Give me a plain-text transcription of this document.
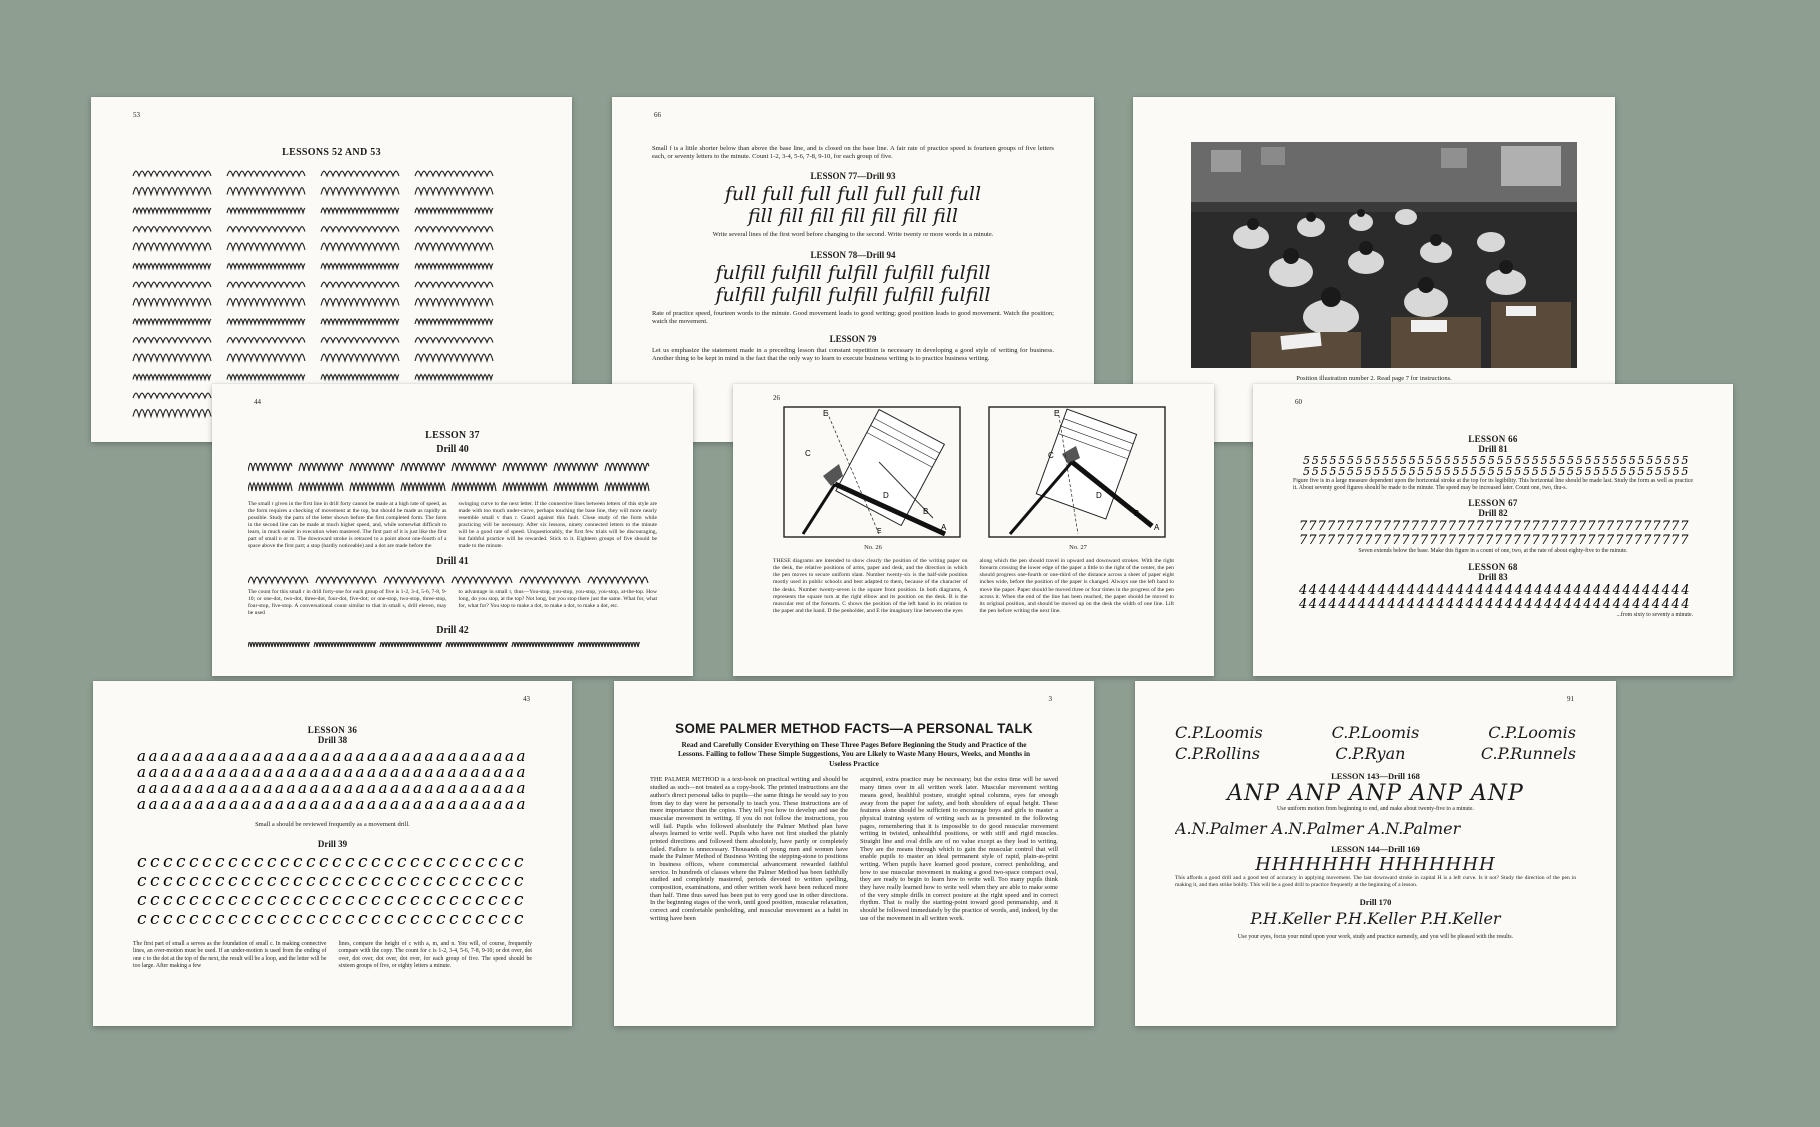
53
LESSONS 52 AND 53
66
Small f is a little shorter below than above the base line, and is closed on the base line. A fair rate of practice speed is fourteen groups of five letters each, or seventy letters to the minute. Count 1-2, 3-4, 5-6, 7-8, 9-10, for each group of five.
LESSON 77—Drill 93
full full full full full full full
fill fill fill fill fill fill fill
Write several lines of the first word before changing to the second. Write twenty or more words in a minute.
LESSON 78—Drill 94
fulfill fulfill fulfill fulfill fulfill
fulfill fulfill fulfill fulfill fulfill
Rate of practice speed, fourteen words to the minute. Good movement leads to good writing; good position leads to good movement. Watch the position; watch the movement.
LESSON 79
Let us emphasize the statement made in a preceding lesson that constant repetition is necessary in developing a good style of writing for business. Another thing to be kept in mind is the fact that the only way to learn to execute business writing is to practice business writing.
Position illustration number 2. Read page 7 for instructions.
44
LESSON 37
Drill 40
The small r given in the first line in drill forty cannot be made at a high rate of speed, as the form requires a checking of movement at the top, but should be made as rapidly as possible. Study the parts of the letter shown before the first completed form. The form in the second line can be made at much higher speed, and, while somewhat difficult to learn, in much easier in execution when mastered. The first part of it is just like the first part of small n or m. The downward stroke is retraced to a point about one-fourth of a space above the first part; a stop (hardly noticeable) and a dot are made before the
swinging curve to the next letter. If the connective lines between letters of this style are made with too much under-curve, perhaps touching the base line, they will more nearly resemble small v than r. Guard against this fault. Close study of the form while practicing will be necessary. After six lessons, ninety connected letters to the minute will be a good rate of speed. Unquestionably, the first few trials will be discouraging, but faithful practice will be rewarded. Stick to it. Eighteen groups of five should be made to the minute.
Drill 41
The count for this small r in drill forty-one for each group of five is 1-2, 3-4, 5-6, 7-8, 9-10; or one-dot, two-dot, three-dot, four-dot, five-dot; or one-stop, two-stop, three-stop, four-stop, five-stop. A conversational count similar to that in small s, drill eleven, may be used
to advantage in small r, thus—You-stop, you-stop, you-stop, you-stop, at-the-top. How long, do you stop, at the top? Not long, but you stop there just the same. What for, what for, what for? You stop to make a dot, to make a dot, to make a dot, etc.
Drill 42
26
E
C
D
B
A
E
No. 26
E
C
D
B
A
No. 27
THESE diagrams are intended to show clearly the position of the writing paper on the desk, the relative positions of arms, paper and desk, and the direction in which the pen moves to secure uniform slant. Number twenty-six is the half-side position mostly used in public schools and best adapted to them, because of the character of the desks. Number twenty-seven is the square front position. In both diagrams, A represents the square turn at the right elbow and its position on the desk. B is the muscular rest of the forearm. C shows the position of the left hand in its relation to the paper and the hand. D the penholder, and E the imaginary line between the eyes
along which the pen should travel in upward and downward strokes. With the right forearm crossing the lower edge of the paper a little to the right of the center, the pen should progress one-fourth or one-third of the distance across a sheet of paper eight inches wide, before the position of the paper is changed. Always use the left hand to move the paper. Paper should be moved three or four times in the progress of the pen across it. When the end of the line has been reached, the paper should be moved to its original position, and should be moved up on the desk the width of one line. Lift the pen before writing the next line.
60
LESSON 66
Drill 81
5 5 5 5 5 5 5 5 5 5 5 5 5 5 5 5 5 5 5 5 5 5 5 5 5 5 5 5 5 5 5 5 5 5 5 5 5 5 5 5 5 5 5 5
5 5 5 5 5 5 5 5 5 5 5 5 5 5 5 5 5 5 5 5 5 5 5 5 5 5 5 5 5 5 5 5 5 5 5 5 5 5 5 5 5 5 5 5
Figure five is in a large measure dependent upon the horizontal stroke at the top for its legibility. This horizontal line should be made last. Study the form as well as practice it. About seventy good figures should be made to the minute. The speed may be increased later. Count one, two, thu-s.
LESSON 67
Drill 82
7 7 7 7 7 7 7 7 7 7 7 7 7 7 7 7 7 7 7 7 7 7 7 7 7 7 7 7 7 7 7 7 7 7 7 7 7 7 7 7 7 7
7 7 7 7 7 7 7 7 7 7 7 7 7 7 7 7 7 7 7 7 7 7 7 7 7 7 7 7 7 7 7 7 7 7 7 7 7 7 7 7 7 7
Seven extends below the base. Make this figure in a count of one, two, at the rate of about eighty-five to the minute.
LESSON 68
Drill 83
4 4 4 4 4 4 4 4 4 4 4 4 4 4 4 4 4 4 4 4 4 4 4 4 4 4 4 4 4 4 4 4 4 4 4 4 4 4 4 4
4 4 4 4 4 4 4 4 4 4 4 4 4 4 4 4 4 4 4 4 4 4 4 4 4 4 4 4 4 4 4 4 4 4 4 4 4 4 4 4
...from sixty to seventy a minute.
43
LESSON 36
Drill 38
a a a a a a a a a a a a a a a a a a a a a a a a a a a a a a a a a a
a a a a a a a a a a a a a a a a a a a a a a a a a a a a a a a a a a
a a a a a a a a a a a a a a a a a a a a a a a a a a a a a a a a a a
a a a a a a a a a a a a a a a a a a a a a a a a a a a a a a a a a a
Small a should be reviewed frequently as a movement drill.
Drill 39
c c c c c c c c c c c c c c c c c c c c c c c c c c c c c c
c c c c c c c c c c c c c c c c c c c c c c c c c c c c c c
c c c c c c c c c c c c c c c c c c c c c c c c c c c c c c
c c c c c c c c c c c c c c c c c c c c c c c c c c c c c c
The first part of small a serves as the foundation of small c. In making connective lines, an over-motion must be used. If an under-motion is used from the ending of one c to the dot at the top of the next, the result will be a loop, and the letter will be too large. After making a few
lines, compare the height of c with a, m, and n. You will, of course, frequently compare with the copy. The count for c is 1-2, 3-4, 5-6, 7-8, 9-10; or dot over, dot over, dot over, dot over, dot over, for each group of five. The speed should be sixteen groups of five, or eighty letters a minute.
3
SOME PALMER METHOD FACTS—A PERSONAL TALK
Read and Carefully Consider Everything on These Three Pages Before Beginning the Study and Practice of the Lessons. Failing to follow These Simple Suggestions, You are Likely to Waste Many Hours, Weeks, and Months in Useless Practice
THE PALMER METHOD is a text-book on practical writing and should be studied as such—not treated as a copy-book. The printed instructions are the author's direct personal talks to pupils—the same things he would say to you from day to day were he personally to teach you. These instructions are of more importance than the copies. They tell you how to develop and use the muscular movement in writing. If you do not follow the instructions, you will fail. Pupils who followed absolutely the Palmer Method plan have always learned to write well. Pupils who have not first studied the plainly printed directions and followed them absolutely, have partly or completely failed. Failure is unnecessary. Thousands of young men and women have made the Palmer Method of Business Writing the stepping-stone to positions in business offices, where commercial advancement rewarded faithful service. In hundreds of classes where the Palmer Method has been faithfully studied and completely mastered, periods devoted to written spelling, composition, examinations, and other written work have been reduced more than half. Time thus saved has been put to very good use in other directions. In the beginning stages of the work, until good position, muscular relaxation, correct and comfortable penholding, and muscular movement as a habit in writing have been
acquired, extra practice may be necessary; but the extra time will be saved many times over in all written work later. Muscular movement writing means good, healthful posture, straight spinal columns, eyes far enough away from the paper for safety, and both shoulders of equal height. These features alone should be sufficient to encourage boys and girls to master a physical training system of writing such as is presented in the following pages, remembering that it is impossible to do good muscular movement writing in twisted, unhealthful positions, or with stiff and rigid muscles. Straight line and oval drills are of no value except as they lead to writing. They are the means through which to gain the muscular control that will enable pupils to master an ideal permanent style of rapid, plain-as-print writing. When pupils have learned good posture, correct penholding, and how to use muscular movement in making a good two-space compact oval, they are ready to begin to learn how to write well. Too many pupils think they have really learned how to write well when they are able to make some of the very simple drills in correct posture at the right speed and in correct rhythm. That is really the starting-point toward good penmanship, and it should be followed immediately by the practice of words, and, indeed, by the use of the movement in all written work.
91
C.P.Loomis	C.P.Loomis	C.P.Loomis
C.P.Rollins	C.P.Ryan	C.P.Runnels
LESSON 143—Drill 168
ANP ANP ANP ANP ANP
Use uniform motion from beginning to end, and make about twenty-five to a minute.
A.N.Palmer A.N.Palmer A.N.Palmer
LESSON 144—Drill 169
HHHHHHH HHHHHHH
This affords a good drill and a good test of accuracy in applying movement. The last downward stroke in capital H is a left curve. Is it not? Study the direction of the pen in making it, and then strike boldly. This will be a good drill to practice frequently at the beginning of a lesson.
Drill 170
P.H.Keller P.H.Keller P.H.Keller
Use your eyes, focus your mind upon your work, study and practice earnestly, and you will be pleased with the results.
